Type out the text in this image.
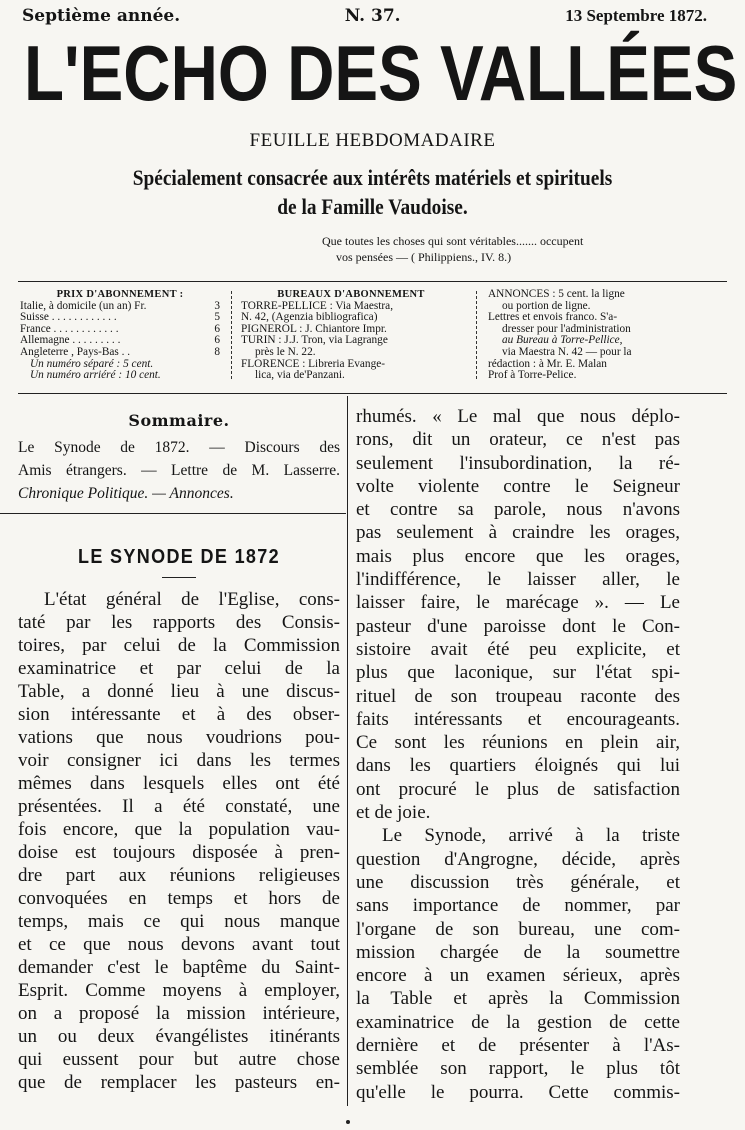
Septième année.	N. 37.	13 Septembre 1872.
L'ECHO DES VALLÉES
FEUILLE HEBDOMADAIRE
Spécialement consacrée aux intérêts matériels et spirituels
de la Famille Vaudoise.
Que toutes les choses qui sont véritables....... occupent
vos pensées — ( Philippiens., IV. 8.)
PRIX D'ABONNEMENT :
Italie, à domicile (un an) Fr.	3
Suisse . . . . . . . . . . . .	5
France . . . . . . . . . . . .	6
Allemagne . . . . . . . . .	6
Angleterre , Pays-Bas . .	8
Un numéro séparé : 5 cent.
Un numéro arriéré : 10 cent.
BUREAUX D'ABONNEMENT
TORRE-PELLICE : Via Maestra,
N. 42, (Agenzia bibliografica)
PIGNEROL : J. Chiantore Impr.
TURIN : J.J. Tron, via Lagrange
près le N. 22.
FLORENCE : Libreria Evange-
lica, via de'Panzani.
ANNONCES : 5 cent. la ligne
ou portion de ligne.
Lettres et envois franco. S'a-
dresser pour l'administration
au Bureau à Torre-Pellice,
via Maestra N. 42 — pour la
rédaction : à Mr. E. Malan
Prof à Torre-Pelice.
Sommaire.
Le Synode de 1872. — Discours des
Amis étrangers. — Lettre de M. Lasserre.
Chronique Politique. — Annonces.
LE SYNODE DE 1872
L'état général de l'Eglise, cons-
taté par les rapports des Consis-
toires, par celui de la Commission
examinatrice et par celui de la
Table, a donné lieu à une discus-
sion intéressante et à des obser-
vations que nous voudrions pou-
voir consigner ici dans les termes
mêmes dans lesquels elles ont été
présentées. Il a été constaté, une
fois encore, que la population vau-
doise est toujours disposée à pren-
dre part aux réunions religieuses
convoquées en temps et hors de
temps, mais ce qui nous manque
et ce que nous devons avant tout
demander c'est le baptême du Saint-
Esprit. Comme moyens à employer,
on a proposé la mission intérieure,
un ou deux évangélistes itinérants
qui eussent pour but autre chose
que de remplacer les pasteurs en-
rhumés. « Le mal que nous déplo-
rons, dit un orateur, ce n'est pas
seulement l'insubordination, la ré-
volte violente contre le Seigneur
et contre sa parole, nous n'avons
pas seulement à craindre les orages,
mais plus encore que les orages,
l'indifférence, le laisser aller, le
laisser faire, le marécage ». — Le
pasteur d'une paroisse dont le Con-
sistoire avait été peu explicite, et
plus que laconique, sur l'état spi-
rituel de son troupeau raconte des
faits intéressants et encourageants.
Ce sont les réunions en plein air,
dans les quartiers éloignés qui lui
ont procuré le plus de satisfaction
et de joie.
Le Synode, arrivé à la triste
question d'Angrogne, décide, après
une discussion très générale, et
sans importance de nommer, par
l'organe de son bureau, une com-
mission chargée de la soumettre
encore à un examen sérieux, après
la Table et après la Commission
examinatrice de la gestion de cette
dernière et de présenter à l'As-
semblée son rapport, le plus tôt
qu'elle le pourra. Cette commis-
